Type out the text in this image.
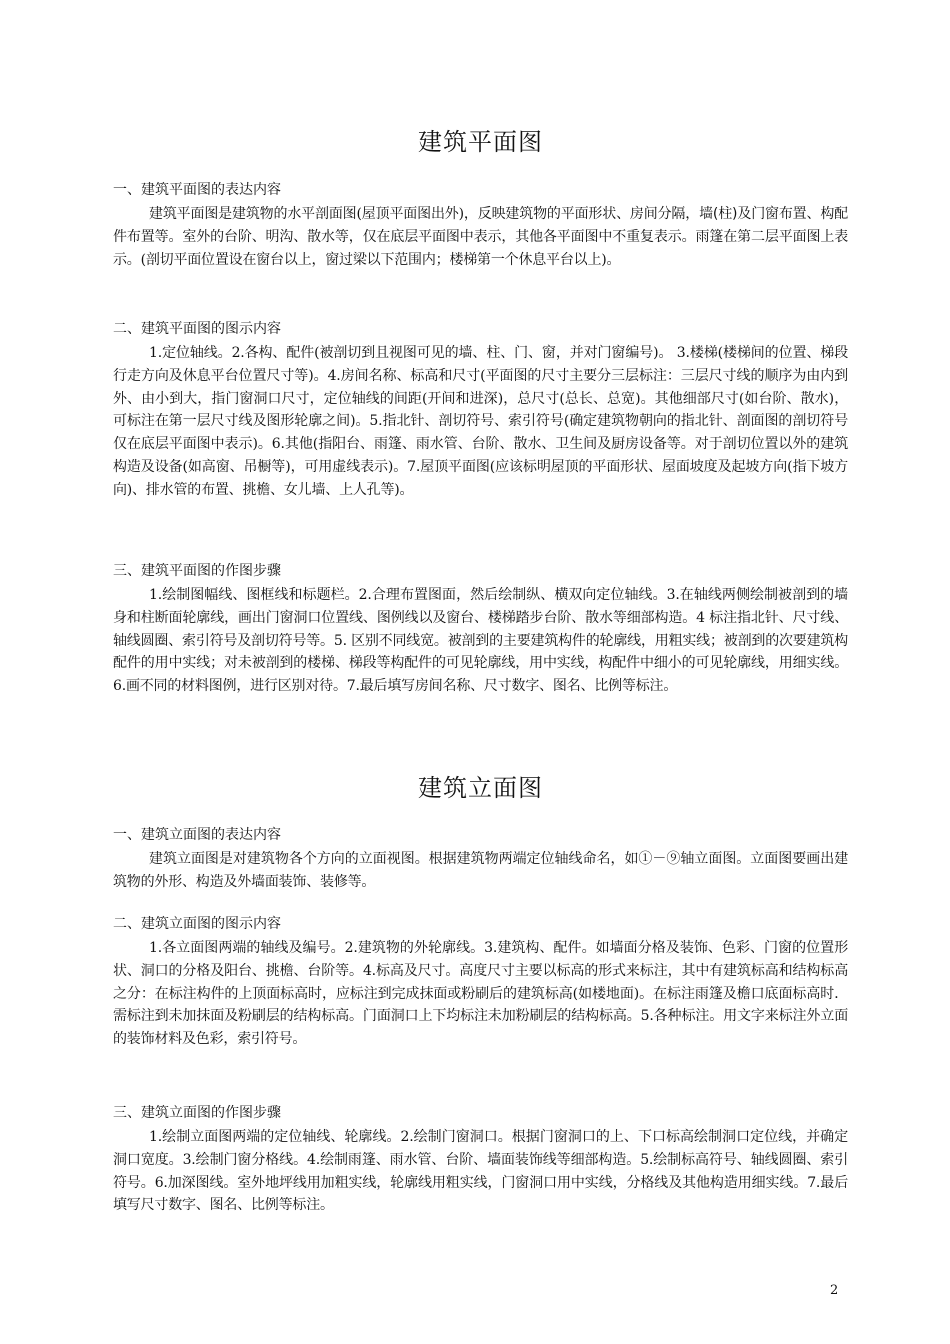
建筑平面图
一、建筑平面图的表达内容

建筑平面图是建筑物的水平剖面图(屋顶平面图出外)，反映建筑物的平面形状、房间分隔，墙(柱)及门窗布置、构配件布置等。室外的台阶、明沟、散水等，仅在底层平面图中表示，其他各平面图中不重复表示。雨篷在第二层平面图上表示。(剖切平面位置设在窗台以上，窗过梁以下范围内；楼梯第一个休息平台以上)。

二、建筑平面图的图示内容

1.定位轴线。2.各构、配件(被剖切到且视图可见的墙、柱、门、窗，并对门窗编号)。 3.楼梯(楼梯间的位置、梯段行走方向及休息平台位置尺寸等)。4.房间名称、标高和尺寸(平面图的尺寸主要分三层标注：三层尺寸线的顺序为由内到外、由小到大，指门窗洞口尺寸，定位轴线的间距(开间和进深)，总尺寸(总长、总宽)。其他细部尺寸(如台阶、散水)，可标注在第一层尺寸线及图形轮廓之间)。5.指北针、剖切符号、索引符号(确定建筑物朝向的指北针、剖面图的剖切符号仅在底层平面图中表示)。6.其他(指阳台、雨篷、雨水管、台阶、散水、卫生间及厨房设备等。对于剖切位置以外的建筑构造及设备(如高窗、吊橱等)，可用虚线表示)。7.屋顶平面图(应该标明屋顶的平面形状、屋面坡度及起坡方向(指下坡方向)、排水管的布置、挑檐、女儿墙、上人孔等)。

三、建筑平面图的作图步骤

1.绘制图幅线、图框线和标题栏。2.合理布置图面，然后绘制纵、横双向定位轴线。3.在轴线两侧绘制被剖到的墙身和柱断面轮廓线，画出门窗洞口位置线、图例线以及窗台、楼梯踏步台阶、散水等细部构造。4 标注指北针、尺寸线、轴线圆圈、索引符号及剖切符号等。5. 区别不同线宽。被剖到的主要建筑构件的轮廓线，用粗实线；被剖到的次要建筑构配件的用中实线；对未被剖到的楼梯、梯段等构配件的可见轮廓线，用中实线，构配件中细小的可见轮廓线，用细实线。6.画不同的材料图例，进行区别对待。7.最后填写房间名称、尺寸数字、图名、比例等标注。

建筑立面图
一、建筑立面图的表达内容

建筑立面图是对建筑物各个方向的立面视图。根据建筑物两端定位轴线命名，如①－⑨轴立面图。立面图要画出建筑物的外形、构造及外墙面装饰、装修等。

二、建筑立面图的图示内容

1.各立面图两端的轴线及编号。2.建筑物的外轮廓线。3.建筑构、配件。如墙面分格及装饰、色彩、门窗的位置形状、洞口的分格及阳台、挑檐、台阶等。4.标高及尺寸。高度尺寸主要以标高的形式来标注，其中有建筑标高和结构标高之分：在标注构件的上顶面标高时，应标注到完成抹面或粉刷后的建筑标高(如楼地面)。在标注雨篷及檐口底面标高时．需标注到未加抹面及粉刷层的结构标高。门面洞口上下均标注未加粉刷层的结构标高。5.各种标注。用文字来标注外立面的装饰材料及色彩，索引符号。

三、建筑立面图的作图步骤

1.绘制立面图两端的定位轴线、轮廓线。2.绘制门窗洞口。根据门窗洞口的上、下口标高绘制洞口定位线，并确定洞口宽度。3.绘制门窗分格线。4.绘制雨篷、雨水管、台阶、墙面装饰线等细部构造。5.绘制标高符号、轴线圆圈、索引符号。6.加深图线。室外地坪线用加粗实线，轮廓线用粗实线，门窗洞口用中实线，分格线及其他构造用细实线。7.最后填写尺寸数字、图名、比例等标注。

2
